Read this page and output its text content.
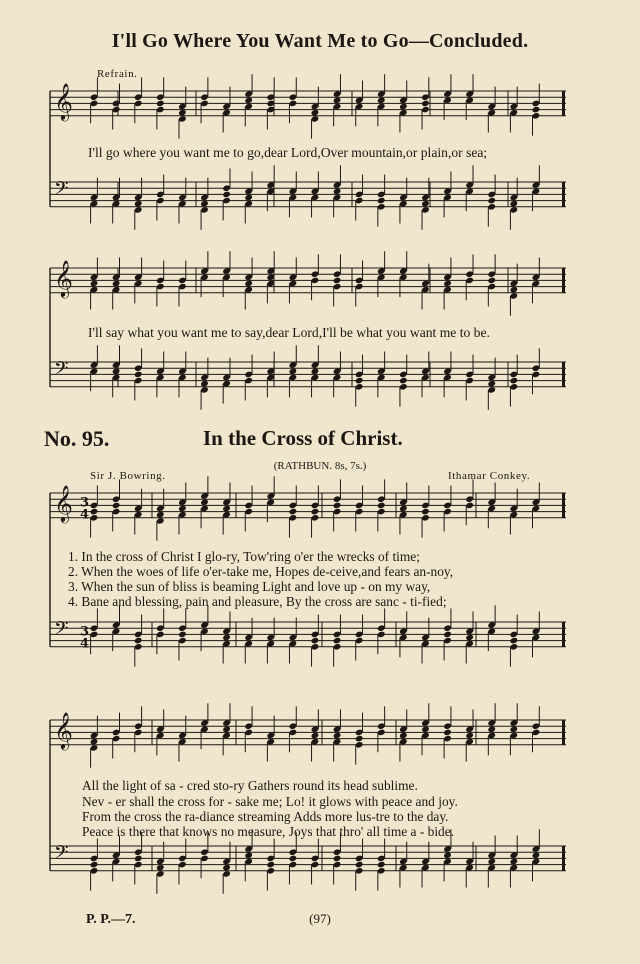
𝄞
𝄢
𝄞
𝄢
𝄞
𝄢
𝄞
𝄢
3
4
3
4
I'll Go Where You Want Me to Go—Concluded.
Refrain.
I'll go where you want me to go,dear Lord,Over mountain,or plain,or sea;
I'll say what you want me to say,dear Lord,I'll be what you want me to be.
No. 95.	In the Cross of Christ.
(RATHBUN. 8s, 7s.)
Sir J. Bowring.	Ithamar Conkey.
1. In the cross of Christ I glo-ry, Tow'ring o'er the wrecks of time;
2. When the woes of life o'er-take me, Hopes de-ceive,and fears an-noy,
3. When the sun of bliss is beaming Light and love up - on my way,
4. Bane and blessing, pain and pleasure, By the cross are sanc - ti-fied;
All the light of sa - cred sto-ry Gathers round its head sublime.
Nev - er shall the cross for - sake me; Lo! it glows with peace and joy.
From the cross the ra-diance streaming Adds more lus-tre to the day.
Peace is there that knows no measure, Joys that thro' all time a - bide.
P. P.—7.	(97)
